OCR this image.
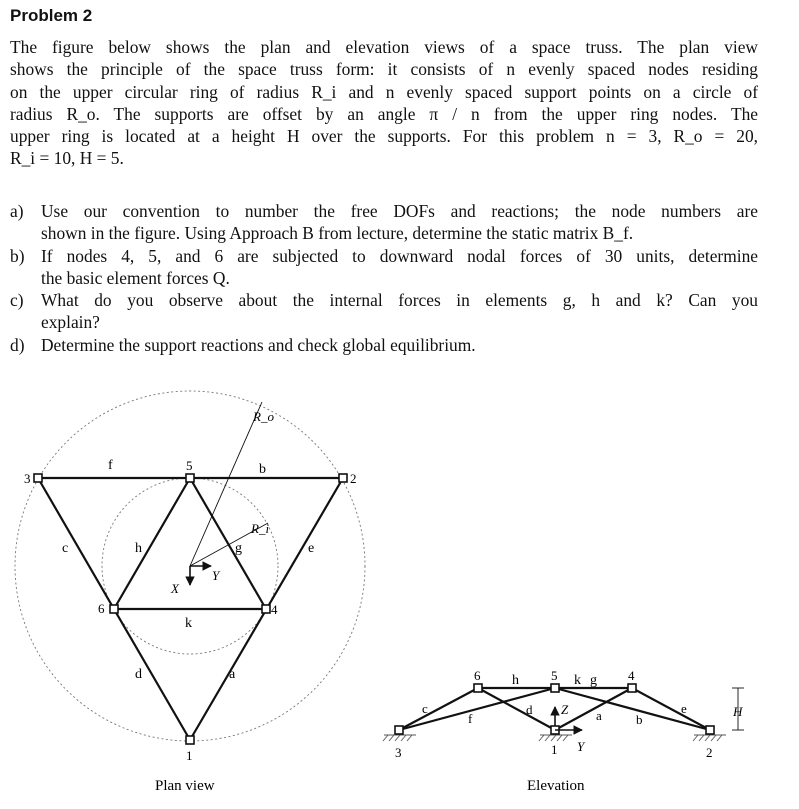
Problem 2
The figure below shows the plan and elevation views of a space truss. The plan view
shows the principle of the space truss form: it consists of n evenly spaced nodes residing
on the upper circular ring of radius R_i and n evenly spaced support points on a circle of
radius R_o. The supports are offset by an angle π / n from the upper ring nodes. The
upper ring is located at a height H over the supports. For this problem n = 3, R_o = 20,
R_i = 10, H = 5.
a) Use our convention to number the free DOFs and reactions; the node numbers are
shown in the figure. Using Approach B from lecture, determine the static matrix B_f.
b) If nodes 4, 5, and 6 are subjected to downward nodal forces of 30 units, determine
the basic element forces Q.
c) What do you observe about the internal forces in elements g, h and k? Can you
explain?
d) Determine the support reactions and check global equilibrium.
3	2
1
5
6	4
f	b
c	h	g	e
k
d	a
R_o
R_i
X
Y
Plan view
H
6	5	4
3	1	2
h	k g
c
f
d	a	b
e
Z
Y
Elevation
